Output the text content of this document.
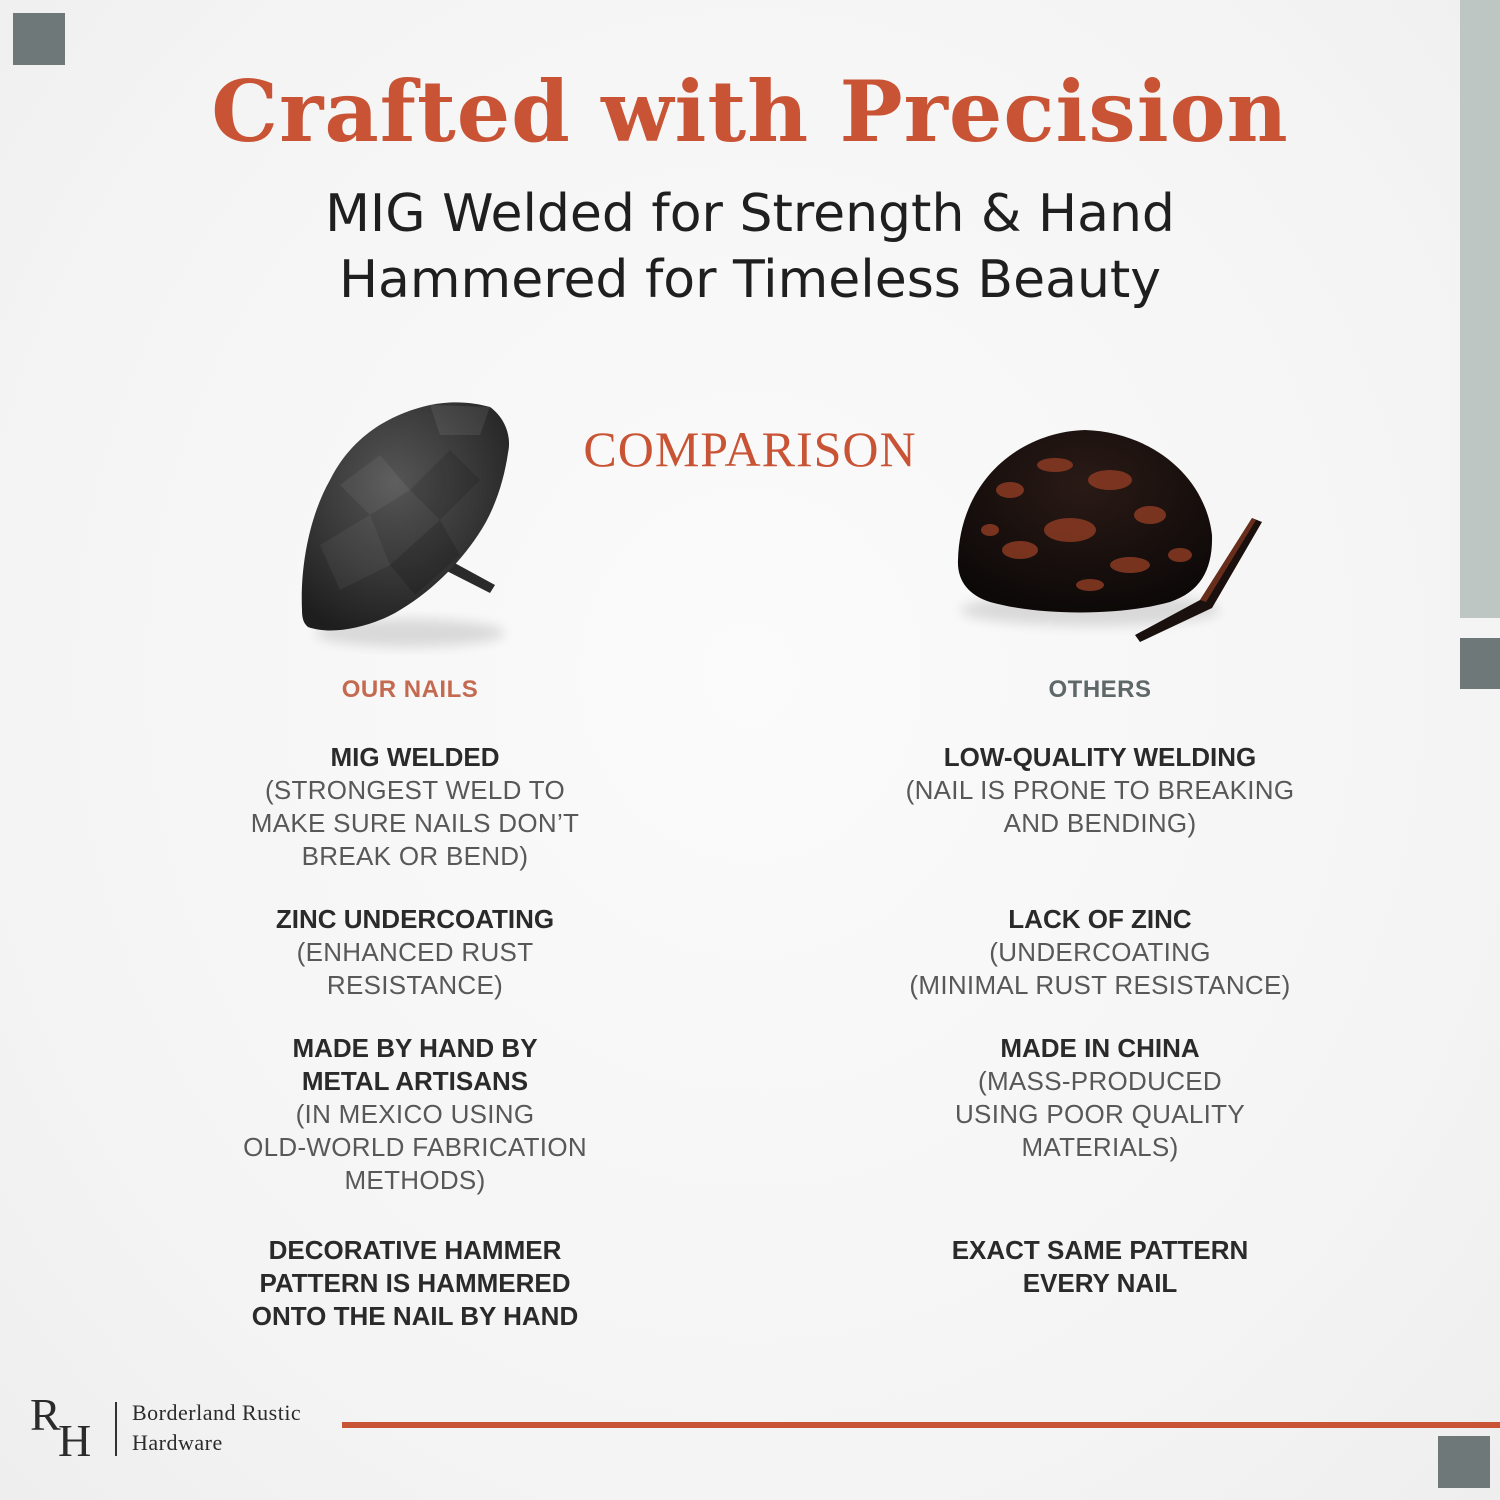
Crafted with Precision
MIG Welded for Strength & Hand
Hammered for Timeless Beauty
COMPARISON
OUR NAILS	OTHERS
MIG WELDED
(STRONGEST WELD TO
MAKE SURE NAILS DON’T
BREAK OR BEND)
ZINC UNDERCOATING
(ENHANCED RUST
RESISTANCE)
MADE BY HAND BY
METAL ARTISANS
(IN MEXICO USING
OLD-WORLD FABRICATION
METHODS)
DECORATIVE HAMMER
PATTERN IS HAMMERED
ONTO THE NAIL BY HAND
LOW-QUALITY WELDING
(NAIL IS PRONE TO BREAKING
AND BENDING)
LACK OF ZINC
(UNDERCOATING
(MINIMAL RUST RESISTANCE)
MADE IN CHINA
(MASS-PRODUCED
USING POOR QUALITY
MATERIALS)
EXACT SAME PATTERN
EVERY NAIL
R
H
Borderland Rustic
Hardware
